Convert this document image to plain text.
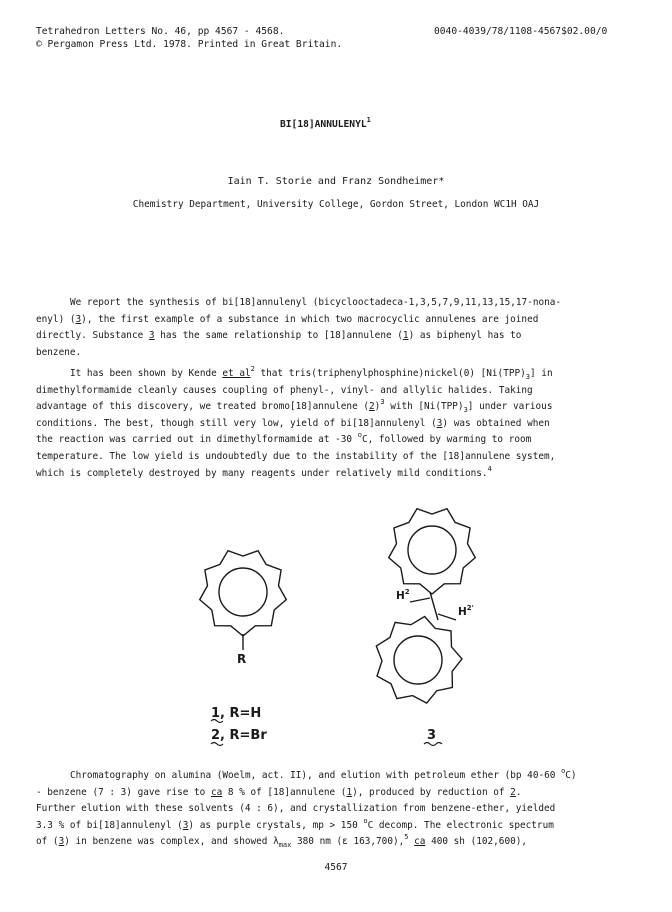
Tetrahedron Letters No. 46, pp 4567 - 4568.
© Pergamon Press Ltd. 1978. Printed in Great Britain.
0040-4039/78/1108-4567$02.00/0
BI[18]ANNULENYL$^1$
Iain T. Storie and Franz Sondheimer*
Chemistry Department, University College, Gordon Street, London WC1H OAJ
We report the synthesis of bi[18]annulenyl (bicyclooctadeca-1,3,5,7,9,11,13,15,17-nona-
enyl) (3), the first example of a substance in which two macrocyclic annulenes are joined
directly. Substance 3 has the same relationship to [18]annulene (1) as biphenyl has to
benzene.
It has been shown by Kende et $al^2$ that tris(triphenylphosphine)nickel(0) $[Ni(TPP)_3]$ in
dimethylformamide cleanly causes coupling of phenyl-, vinyl- and allylic halides. Taking
advantage of this discovery, we treated bromo[18]annulene $(2)^3$ with $[Ni(TPP)_3]$ under various
conditions. The best, though still very low, yield of bi[18]annulenyl (3) was obtained when
the reaction was carried out in dimethylformamide at -30 $^o$C, followed by warming to room
temperature. The low yield is undoubtedly due to the instability of the [18]annulene system,
which is completely destroyed by many reagents under relatively mild conditions.$^4$
R
1, R=H
2, R=Br	3
$H^2$
$H^{2'}$
Chromatography on alumina (Woelm, act. II), and elution with petroleum ether (bp 40-60 $^o$C)
- benzene (7 : 3) gave rise to ca 8 % of [18]annulene (1), produced by reduction of 2.
Further elution with these solvents (4 : 6), and crystallization from benzene-ether, yielded
3.3 % of bi[18]annulenyl (3) as purple crystals, mp > 150 $^o$C decomp. The electronic spectrum
of (3) in benzene was complex, and showed $\lambda_{max}$ 380 nm (ε 163,700),$^5$ ca 400 sh (102,600),
4567
